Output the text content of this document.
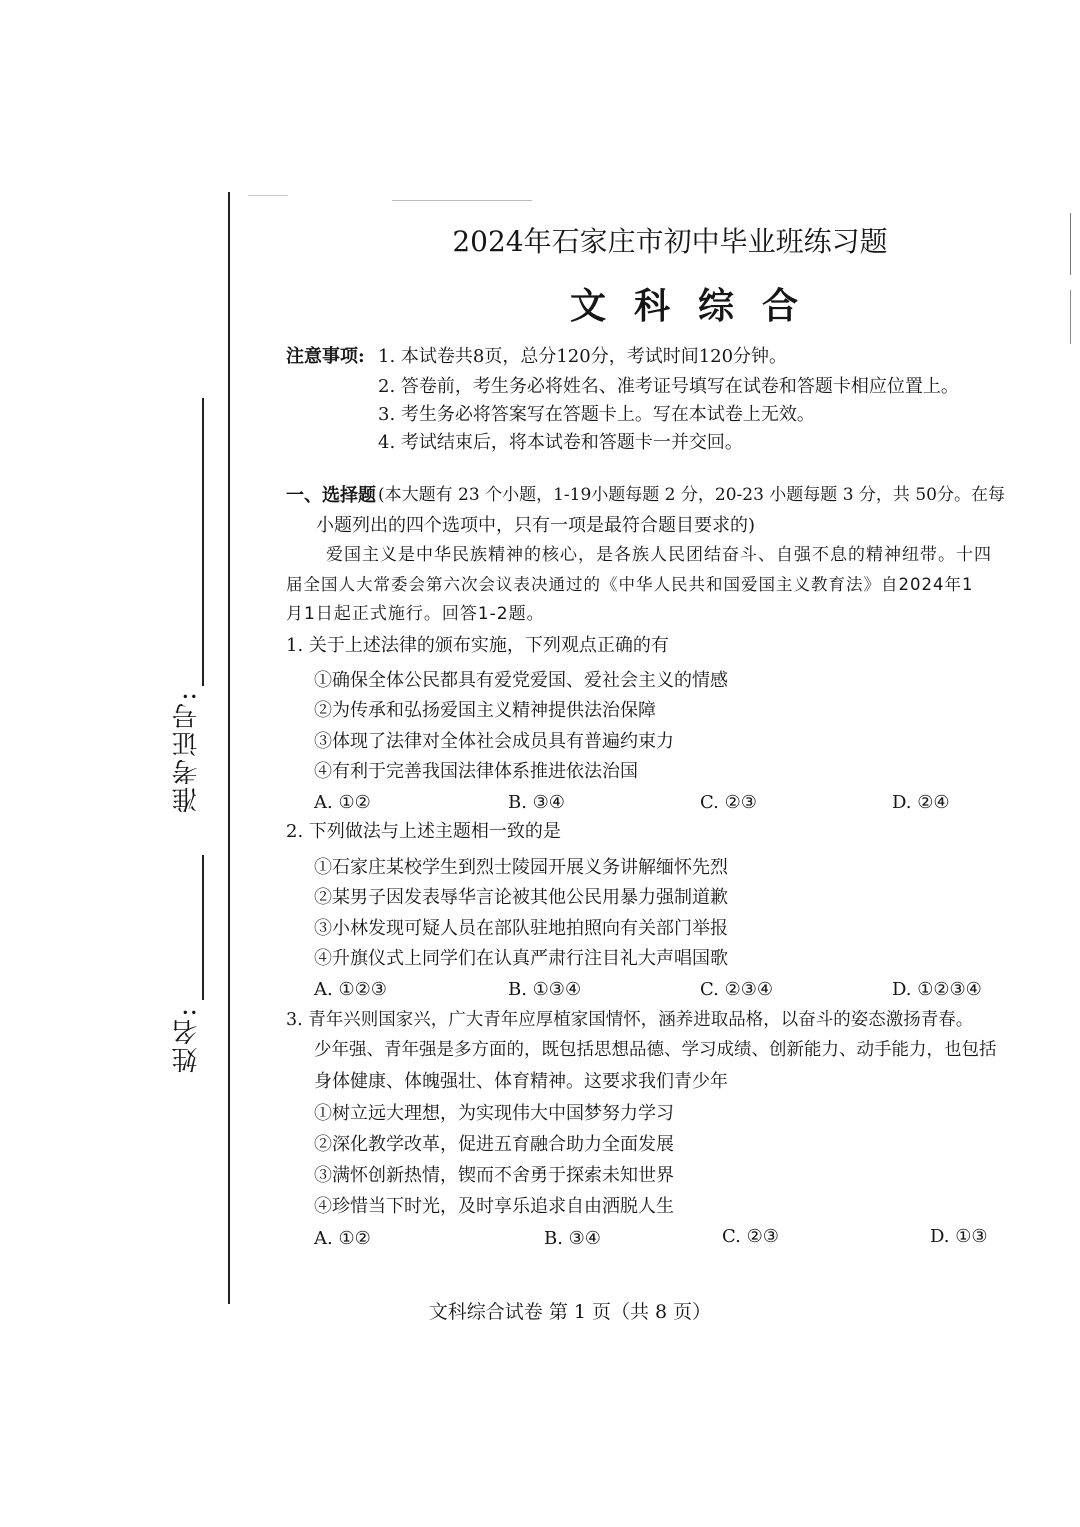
准考证号:
姓名:
2024年石家庄市初中毕业班练习题
文科综合
注意事项: 1. 本试卷共8页，总分120分，考试时间120分钟。
2. 答卷前，考生务必将姓名、准考证号填写在试卷和答题卡相应位置上。
3. 考生务必将答案写在答题卡上。写在本试卷上无效。
4. 考试结束后，将本试卷和答题卡一并交回。
一、选择题 (本大题有 23 个小题，1-19小题每题 2 分，20-23 小题每题 3 分，共 50分。在每
小题列出的四个选项中，只有一项是最符合题目要求的)
爱国主义是中华民族精神的核心，是各族人民团结奋斗、自强不息的精神纽带。十四
届全国人大常委会第六次会议表决通过的《中华人民共和国爱国主义教育法》自2024年1
月1日起正式施行。回答1-2题。
1. 关于上述法律的颁布实施，下列观点正确的有
①确保全体公民都具有爱党爱国、爱社会主义的情感
②为传承和弘扬爱国主义精神提供法治保障
③体现了法律对全体社会成员具有普遍约束力
④有利于完善我国法律体系推进依法治国
A. ①②	B. ③④	C. ②③	D. ②④
2. 下列做法与上述主题相一致的是
①石家庄某校学生到烈士陵园开展义务讲解缅怀先烈
②某男子因发表辱华言论被其他公民用暴力强制道歉
③小林发现可疑人员在部队驻地拍照向有关部门举报
④升旗仪式上同学们在认真严肃行注目礼大声唱国歌
A. ①②③	B. ①③④	C. ②③④	D. ①②③④
3. 青年兴则国家兴，广大青年应厚植家国情怀，涵养进取品格，以奋斗的姿态激扬青春。
少年强、青年强是多方面的，既包括思想品德、学习成绩、创新能力、动手能力，也包括
身体健康、体魄强壮、体育精神。这要求我们青少年
①树立远大理想，为实现伟大中国梦努力学习
②深化教学改革，促进五育融合助力全面发展
③满怀创新热情，锲而不舍勇于探索未知世界
④珍惜当下时光，及时享乐追求自由洒脱人生
A. ①②	B. ③④	C. ②③	D. ①③
文科综合试卷 第 1 页（共 8 页）
